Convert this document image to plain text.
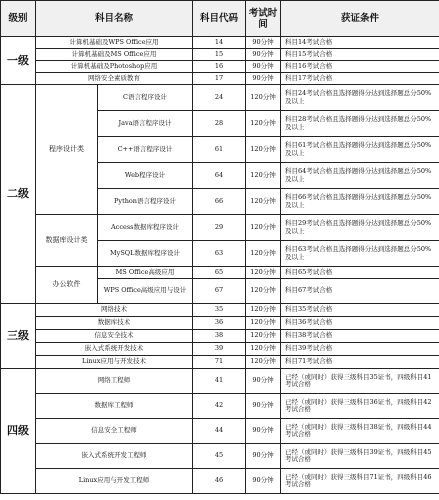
级别	科目名称		科目代码	考试时间	获证条件
一级	计算机基础及WPS Office应用		14	90分钟	科目14考试合格
	计算机基础及MS Office应用		15	90分钟	科目15考试合格
	计算机基础及Photoshop应用		16	90分钟	科目16考试合格
	网络安全素质教育		17	90分钟	科目17考试合格
二级	程序设计类	C语言程序设计	24	120分钟	科目24考试合格且选择题得分达到选择题总分50%及以上
		Java语言程序设计	28	120分钟	科目28考试合格且选择题得分达到选择题总分50%及以上
		C++语言程序设计	61	120分钟	科目61考试合格且选择题得分达到选择题总分50%及以上
		Web程序设计	64	120分钟	科目64考试合格且选择题得分达到选择题总分50%及以上
		Python语言程序设计	66	120分钟	科目66考试合格且选择题得分达到选择题总分50%及以上
	数据库设计类	Access数据库程序设计	29	120分钟	科目29考试合格且选择题得分达到选择题总分50%及以上
		MySQL数据库程序设计	63	120分钟	科目63考试合格且选择题得分达到选择题总分50%及以上
	办公软件	MS Office高级应用	65	120分钟	科目65考试合格
		WPS Office高级应用与设计	67	120分钟	科目67考试合格
三级	网络技术		35	120分钟	科目35考试合格
	数据库技术		36	120分钟	科目36考试合格
	信息安全技术		38	120分钟	科目38考试合格
	嵌入式系统开发技术		39	120分钟	科目39考试合格
	Linux应用与开发技术		71	120分钟	科目71考试合格
四级	网络工程师		41	90分钟	已经（或同时）获得三级科目35证书，四级科目41考试合格
	数据库工程师		42	90分钟	已经（或同时）获得三级科目36证书，四级科目42考试合格
	信息安全工程师		44	90分钟	已经（或同时）获得三级科目38证书，四级科目44考试合格
	嵌入式系统开发工程师		45	90分钟	已经（或同时）获得三级科目39证书，四级科目45考试合格
	Linux应用与开发工程师		46	90分钟	已经（或同时）获得三级科目71证书，四级科目46考试合格
